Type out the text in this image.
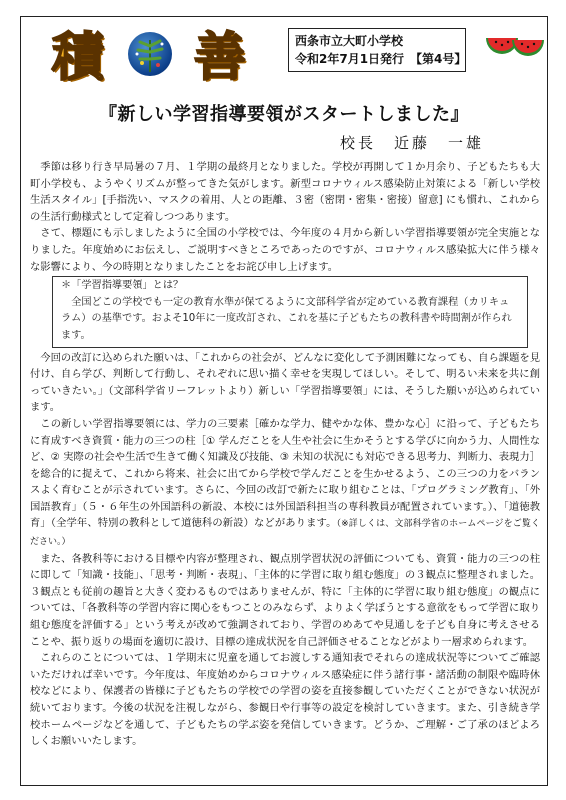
積 善	西条市立大町小学校
令和2年7月1日発行　【第4号】
『新しい学習指導要領がスタートしました』
校長　近藤　一雄

季節は移り行き早局暑の７月、１学期の最終月となりました。学校が再開して１か月余り、子どもたちも大町小学校も、ようやくリズムが整ってきた気がします。新型コロナウィルス感染防止対策による「新しい学校生活スタイル」[手指洗い、マスクの着用、人との距離、３密（密閉・密集・密接）留意] にも慣れ、これからの生活行動様式として定着しつつあります。

さて、標題にも示しましたように全国の小学校では、今年度の４月から新しい学習指導要領が完全実施となりました。年度始めにお伝えし、ご説明すべきところであったのですが、コロナウィルス感染拡大に伴う様々な影響により、今の時期となりましたことをお詫び申し上げます。

＊「学習指導要領」とは？
全国どこの学校でも一定の教育水準が保てるように文部科学省が定めている教育課程（カリキュラム）の基準です。およそ10年に一度改訂され、これを基に子どもたちの教科書や時間割が作られます。

今回の改訂に込められた願いは、「これからの社会が、どんなに変化して予測困難になっても、自ら課題を見付け、自ら学び、判断して行動し、それぞれに思い描く幸せを実現してほしい。そして、明るい未来を共に創っていきたい。」（文部科学省リーフレットより）新しい「学習指導要領」には、そうした願いが込められています。

この新しい学習指導要領には、学力の三要素［確かな学力、健やかな体、豊かな心］に沿って、子どもたちに育成すべき資質・能力の三つの柱［① 学んだことを人生や社会に生かそうとする学びに向かう力、人間性など、② 実際の社会や生活で生きて働く知識及び技能、③ 未知の状況にも対応できる思考力、判断力、表現力］を総合的に捉えて、これから将来、社会に出てから学校で学んだことを生かせるよう、この三つの力をバランスよく育むことが示されています。さらに、今回の改訂で新たに取り組むことは、「プログラミング教育」、「外国語教育」（５・６年生の外国語科の新設、本校には外国語科担当の専科教員が配置されています。）、「道徳教育」（全学年、特別の教科として道徳科の新設）などがあります。（※詳しくは、文部科学省のホームページをご覧ください。）

また、各教科等における目標や内容が整理され、観点別学習状況の評価についても、資質・能力の三つの柱に即して「知識・技能」、「思考・判断・表現」、「主体的に学習に取り組む態度」の３観点に整理されました。３観点とも従前の趣旨と大きく変わるものではありませんが、特に「主体的に学習に取り組む態度」の観点については、「各教科等の学習内容に関心をもつことのみならず、よりよく学ぼうとする意欲をもって学習に取り組む態度を評価する」という考えが改めて強調されており、学習のめあてや見通しを子ども自身に考えさせることや、振り返りの場面を適切に設け、目標の達成状況を自己評価させることなどがより一層求められます。

これらのことについては、１学期末に児童を通してお渡しする通知表でそれらの達成状況等についてご確認いただければ幸いです。今年度は、年度始めからコロナウィルス感染症に伴う諸行事・諸活動の制限や臨時休校などにより、保護者の皆様に子どもたちの学校での学習の姿を直接参観していただくことができない状況が続いております。今後の状況を注視しながら、参観日や行事等の設定を検討していきます。また、引き続き学校ホームページなどを通して、子どもたちの学ぶ姿を発信していきます。どうか、ご理解・ご了承のほどよろしくお願いいたします。
